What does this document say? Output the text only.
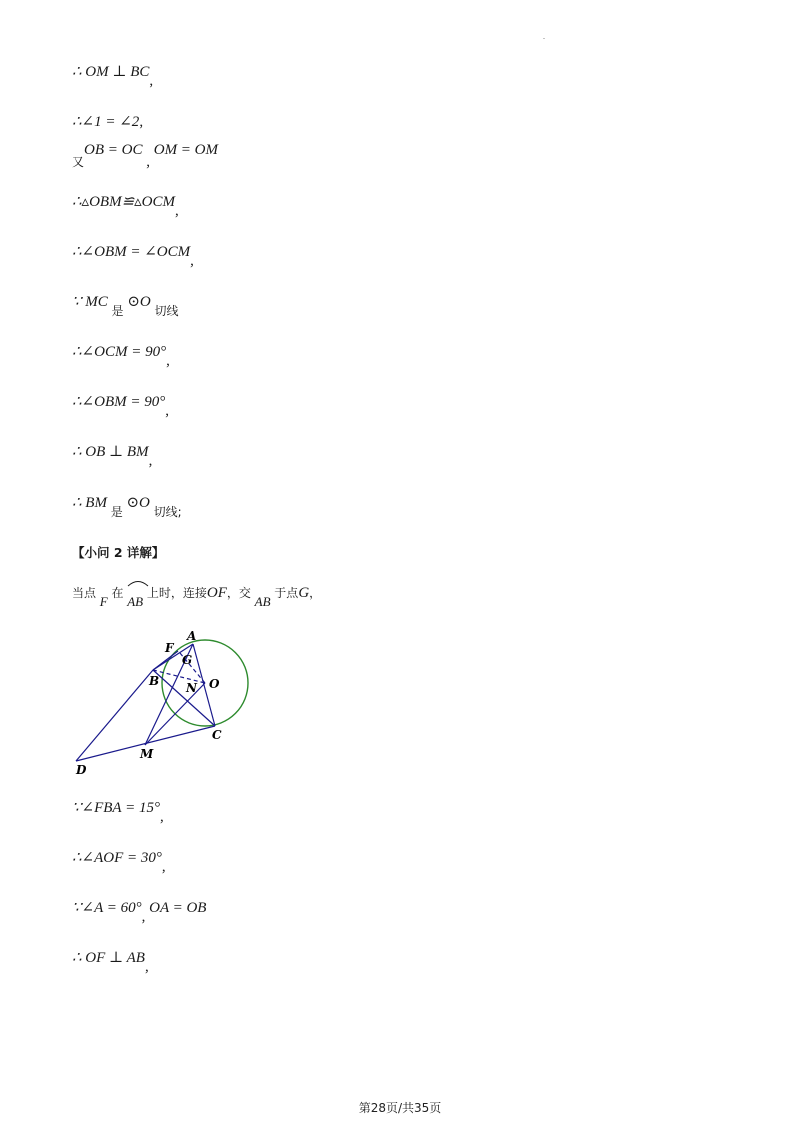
.
∴ OM ⊥ BC,
∴∠1 = ∠2,
$_又$OB = OC , OM = OM
∴▵OBM≌▵OCM,
∴∠OBM = ∠OCM,
∵ MC $_是$ ⊙O $_{切线}$
∴∠OCM = 90°,
∴∠OBM = 90°,
∴ OB ⊥ BM,
∴ BM $_是$ ⊙O $_{切线;}$
【小问 2 详解】
当点 F 在
AB 上时，连接OF，交 AB 于点G，
A
F
G
B N O
C
M
D
∵∠FBA = 15°,
∴∠AOF = 30°,
∵∠A = 60°, OA = OB
∴ OF ⊥ AB,
第28页/共35页
